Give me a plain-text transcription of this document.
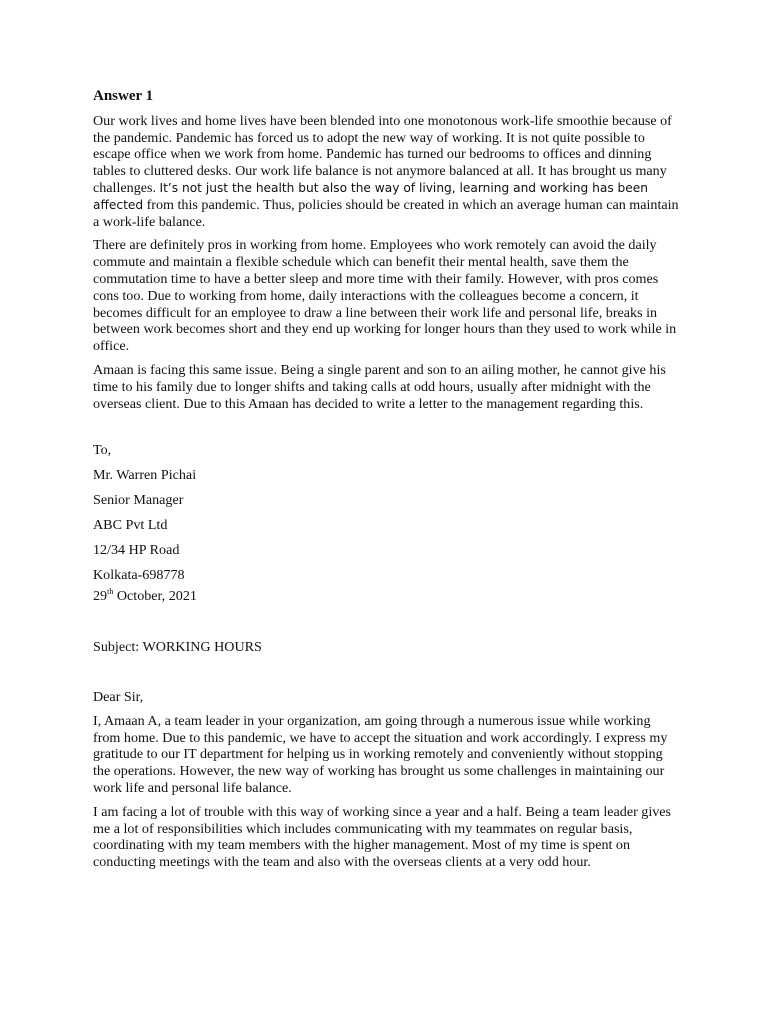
Answer 1

Our work lives and home lives have been blended into one monotonous work-life smoothie because of the pandemic. Pandemic has forced us to adopt the new way of working. It is not quite possible to escape office when we work from home. Pandemic has turned our bedrooms to offices and dinning tables to cluttered desks. Our work life balance is not anymore balanced at all. It has brought us many challenges. It’s not just the health but also the way of living, learning and working has been affected from this pandemic. Thus, policies should be created in which an average human can maintain a work-life balance.

There are definitely pros in working from home. Employees who work remotely can avoid the daily commute and maintain a flexible schedule which can benefit their mental health, save them the commutation time to have a better sleep and more time with their family. However, with pros comes cons too. Due to working from home, daily interactions with the colleagues become a concern, it becomes difficult for an employee to draw a line between their work life and personal life, breaks in between work becomes short and they end up working for longer hours than they used to work while in office.

Amaan is facing this same issue. Being a single parent and son to an ailing mother, he cannot give his time to his family due to longer shifts and taking calls at odd hours, usually after midnight with the overseas client. Due to this Amaan has decided to write a letter to the management regarding this.

To,
Mr. Warren Pichai
Senior Manager
ABC Pvt Ltd
12/34 HP Road
Kolkata-698778
29th October, 2021
Subject: WORKING HOURS
Dear Sir,

I, Amaan A, a team leader in your organization, am going through a numerous issue while working from home. Due to this pandemic, we have to accept the situation and work accordingly. I express my gratitude to our IT department for helping us in working remotely and conveniently without stopping the operations. However, the new way of working has brought us some challenges in maintaining our work life and personal life balance.

I am facing a lot of trouble with this way of working since a year and a half. Being a team leader gives me a lot of responsibilities which includes communicating with my teammates on regular basis, coordinating with my team members with the higher management. Most of my time is spent on conducting meetings with the team and also with the overseas clients at a very odd hour.
